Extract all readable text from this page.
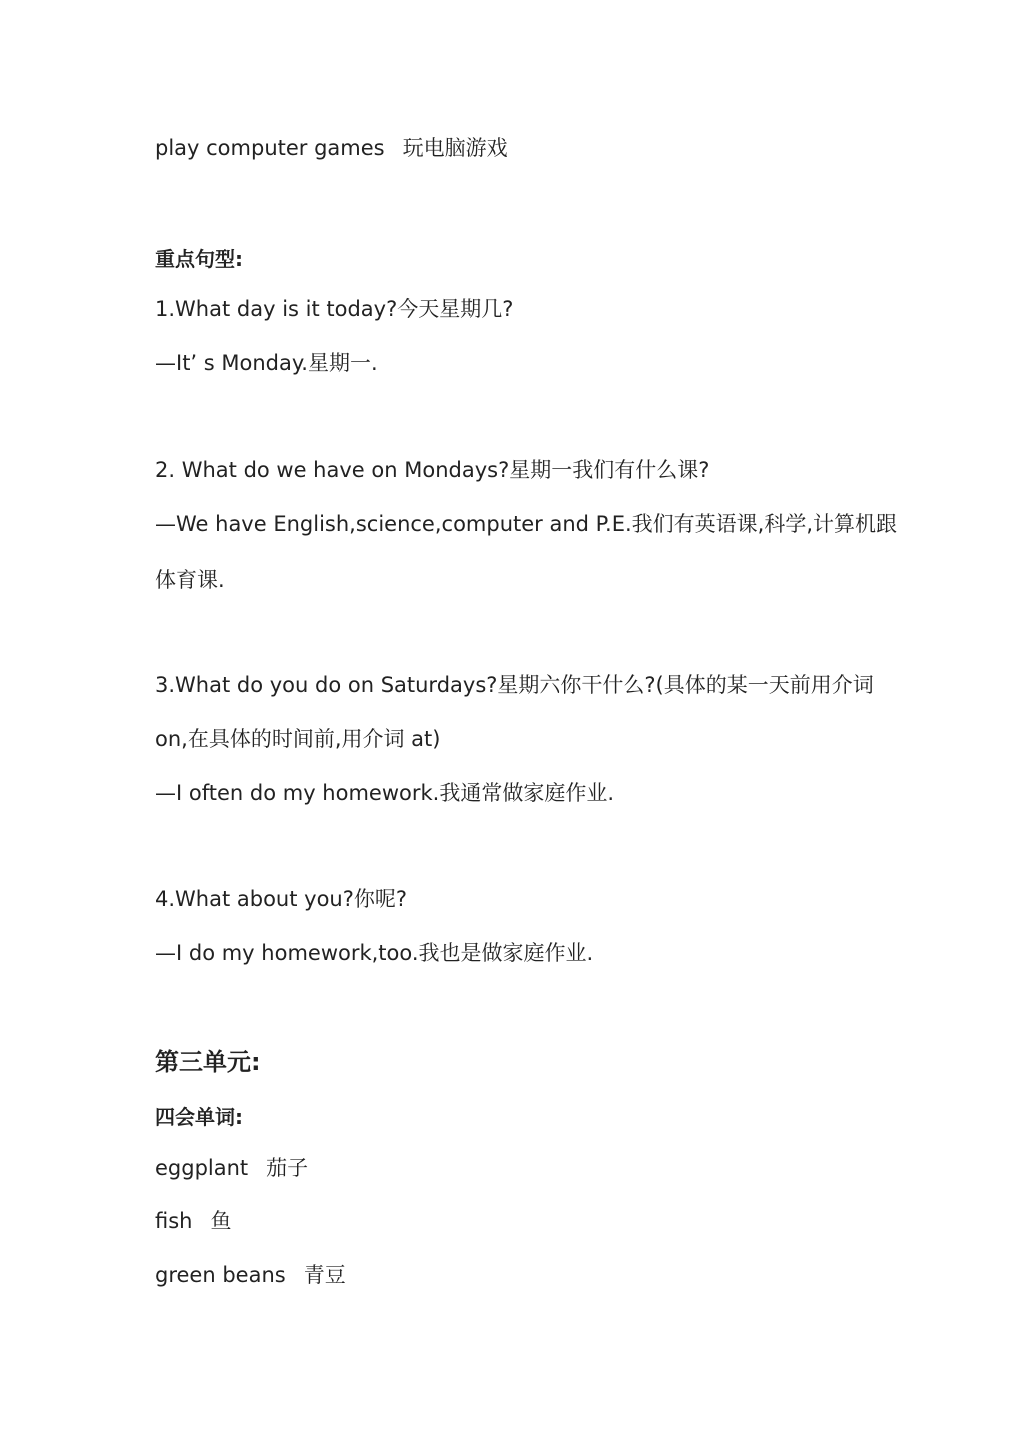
play computer games 玩电脑游戏
重点句型:
1.What day is it today?今天星期几?
—It’ s Monday.星期一.
2. What do we have on Mondays?星期一我们有什么课?
—We have English,science,computer and P.E.我们有英语课,科学,计算机跟
体育课.
3.What do you do on Saturdays?星期六你干什么?(具体的某一天前用介词
on,在具体的时间前,用介词 at)
—I often do my homework.我通常做家庭作业.
4.What about you?你呢?
—I do my homework,too.我也是做家庭作业.
第三单元:
四会单词:
eggplant 茄子
fish 鱼
green beans 青豆
